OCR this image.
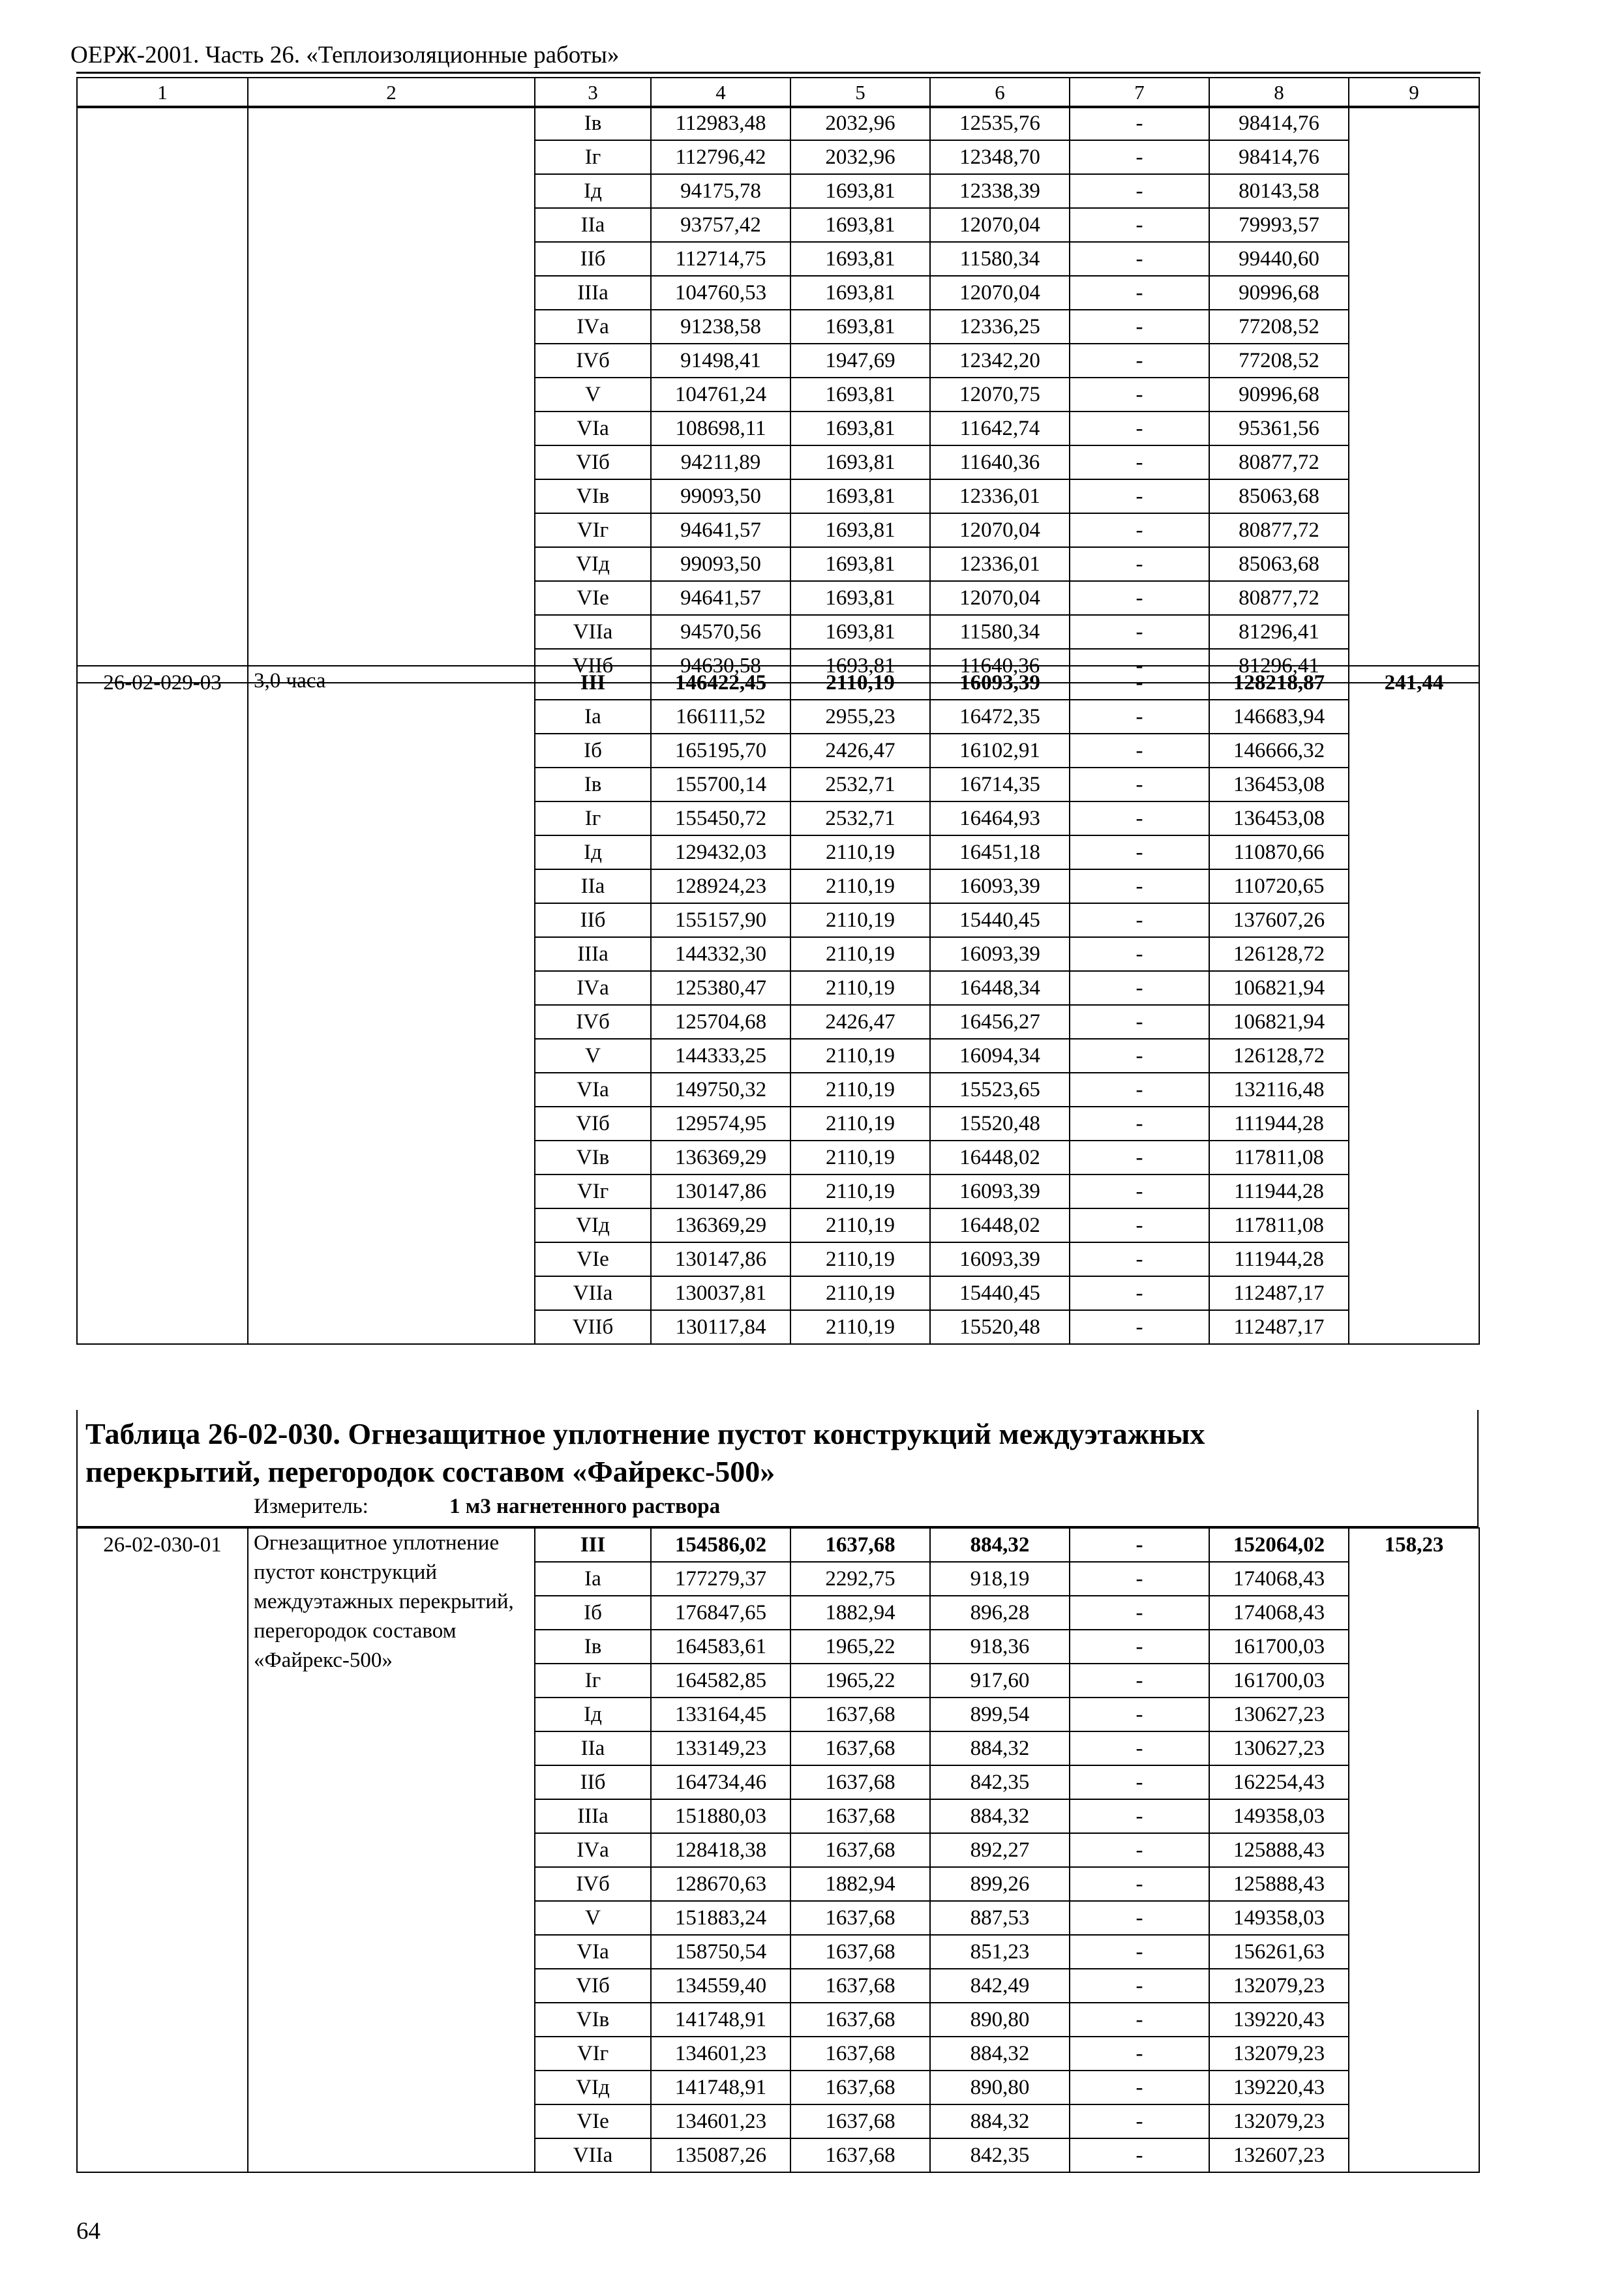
ОЕРЖ-2001. Часть 26. «Теплоизоляционные работы»
1	2	3	4	5	6	7	8	9
		Iв	112983,48	2032,96	12535,76	-	98414,76	
		Iг	112796,42	2032,96	12348,70	-	98414,76	
		Iд	94175,78	1693,81	12338,39	-	80143,58	
		IIа	93757,42	1693,81	12070,04	-	79993,57	
		IIб	112714,75	1693,81	11580,34	-	99440,60	
		IIIа	104760,53	1693,81	12070,04	-	90996,68	
		IVа	91238,58	1693,81	12336,25	-	77208,52	
		IVб	91498,41	1947,69	12342,20	-	77208,52	
		V	104761,24	1693,81	12070,75	-	90996,68	
		VIа	108698,11	1693,81	11642,74	-	95361,56	
		VIб	94211,89	1693,81	11640,36	-	80877,72	
		VIв	99093,50	1693,81	12336,01	-	85063,68	
		VIг	94641,57	1693,81	12070,04	-	80877,72	
		VIд	99093,50	1693,81	12336,01	-	85063,68	
		VIе	94641,57	1693,81	12070,04	-	80877,72	
		VIIа	94570,56	1693,81	11580,34	-	81296,41	
		VIIб	94630,58	1693,81	11640,36	-	81296,41	
26-02-029-03	3,0 часа	III	146422,45	2110,19	16093,39	-	128218,87	241,44
		Iа	166111,52	2955,23	16472,35	-	146683,94	
		Iб	165195,70	2426,47	16102,91	-	146666,32	
		Iв	155700,14	2532,71	16714,35	-	136453,08	
		Iг	155450,72	2532,71	16464,93	-	136453,08	
		Iд	129432,03	2110,19	16451,18	-	110870,66	
		IIа	128924,23	2110,19	16093,39	-	110720,65	
		IIб	155157,90	2110,19	15440,45	-	137607,26	
		IIIа	144332,30	2110,19	16093,39	-	126128,72	
		IVа	125380,47	2110,19	16448,34	-	106821,94	
		IVб	125704,68	2426,47	16456,27	-	106821,94	
		V	144333,25	2110,19	16094,34	-	126128,72	
		VIа	149750,32	2110,19	15523,65	-	132116,48	
		VIб	129574,95	2110,19	15520,48	-	111944,28	
		VIв	136369,29	2110,19	16448,02	-	117811,08	
		VIг	130147,86	2110,19	16093,39	-	111944,28	
		VIд	136369,29	2110,19	16448,02	-	117811,08	
		VIе	130147,86	2110,19	16093,39	-	111944,28	
		VIIа	130037,81	2110,19	15440,45	-	112487,17	
		VIIб	130117,84	2110,19	15520,48	-	112487,17	
Таблица 26-02-030. Огнезащитное уплотнение пустот конструкций междуэтажных
перекрытий, перегородок составом «Файрекс-500»
Измеритель:	1 м3 нагнетенного раствора
26-02-030-01	Огнезащитное уплотнение пустот конструкций междуэтажных перекрытий, перегородок составом «Файрекс-500»	III	154586,02	1637,68	884,32	-	152064,02	158,23
		Iа	177279,37	2292,75	918,19	-	174068,43	
		Iб	176847,65	1882,94	896,28	-	174068,43	
		Iв	164583,61	1965,22	918,36	-	161700,03	
		Iг	164582,85	1965,22	917,60	-	161700,03	
		Iд	133164,45	1637,68	899,54	-	130627,23	
		IIа	133149,23	1637,68	884,32	-	130627,23	
		IIб	164734,46	1637,68	842,35	-	162254,43	
		IIIа	151880,03	1637,68	884,32	-	149358,03	
		IVа	128418,38	1637,68	892,27	-	125888,43	
		IVб	128670,63	1882,94	899,26	-	125888,43	
		V	151883,24	1637,68	887,53	-	149358,03	
		VIа	158750,54	1637,68	851,23	-	156261,63	
		VIб	134559,40	1637,68	842,49	-	132079,23	
		VIв	141748,91	1637,68	890,80	-	139220,43	
		VIг	134601,23	1637,68	884,32	-	132079,23	
		VIд	141748,91	1637,68	890,80	-	139220,43	
		VIе	134601,23	1637,68	884,32	-	132079,23	
		VIIа	135087,26	1637,68	842,35	-	132607,23	
64
